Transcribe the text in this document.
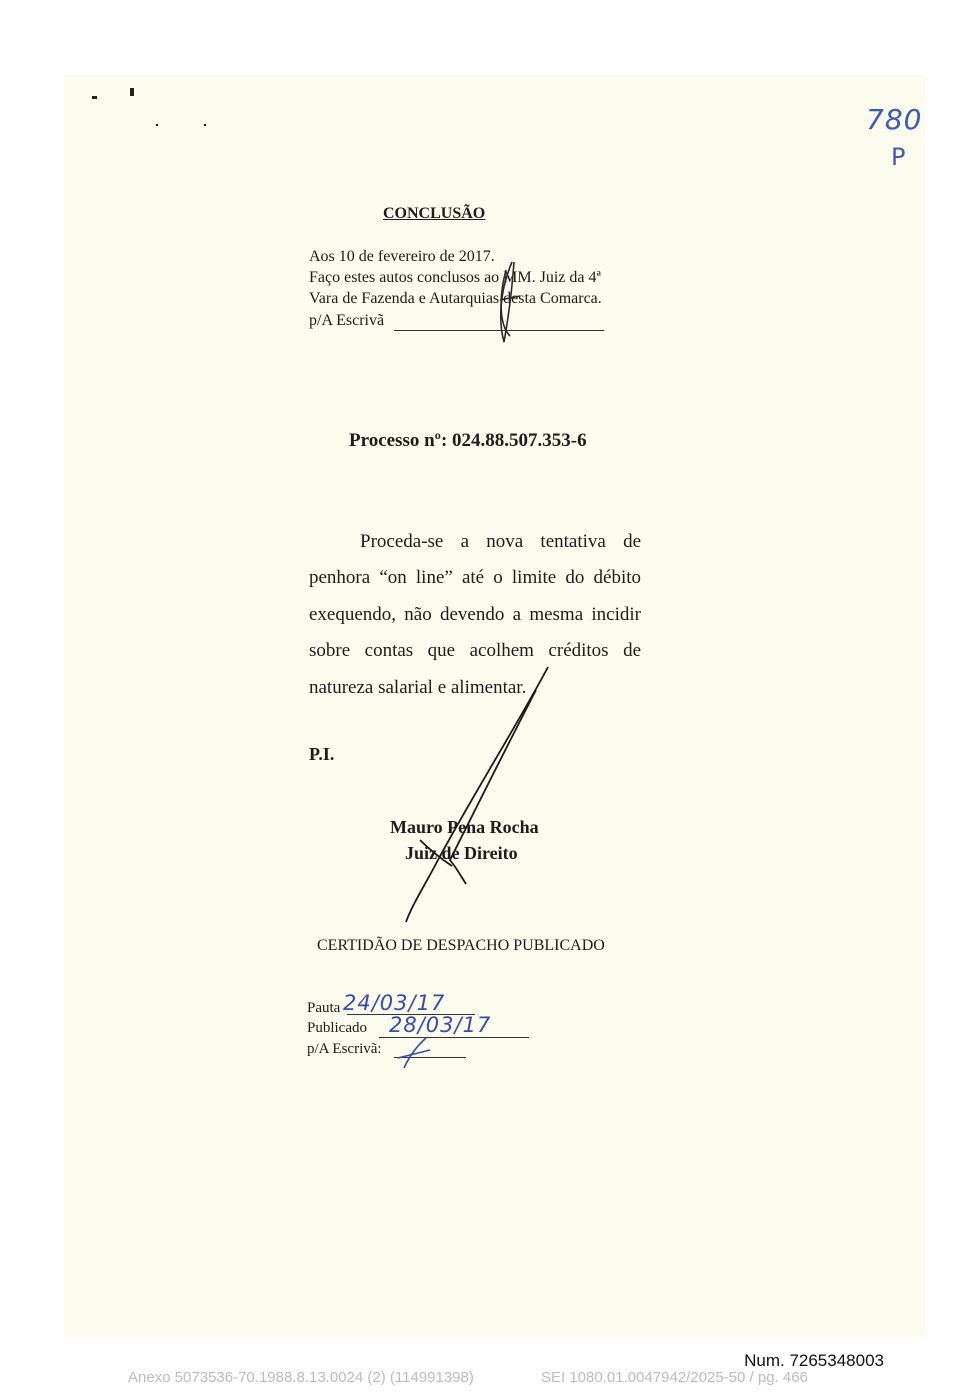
780
P
CONCLUSÃO
Aos 10 de fevereiro de 2017.
Faço estes autos conclusos ao MM. Juiz da 4ª
Vara de Fazenda e Autarquias desta Comarca.
p/A Escrivã
Processo nº: 024.88.507.353-6

Proceda-se a nova tentativa de penhora “on line” até o limite do débito exequendo, não devendo a mesma incidir sobre contas que acolhem créditos de natureza salarial e alimentar.

P.I.
Mauro Pena Rocha
Juiz de Direito
CERTIDÃO DE DESPACHO PUBLICADO
Pauta
Publicado
p/A Escrivã:
24/03/17
28/03/17
Num. 7265348003
Anexo 5073536-70.1988.8.13.0024 (2) (114991398)	SEI 1080.01.0047942/2025-50 / pg. 466
